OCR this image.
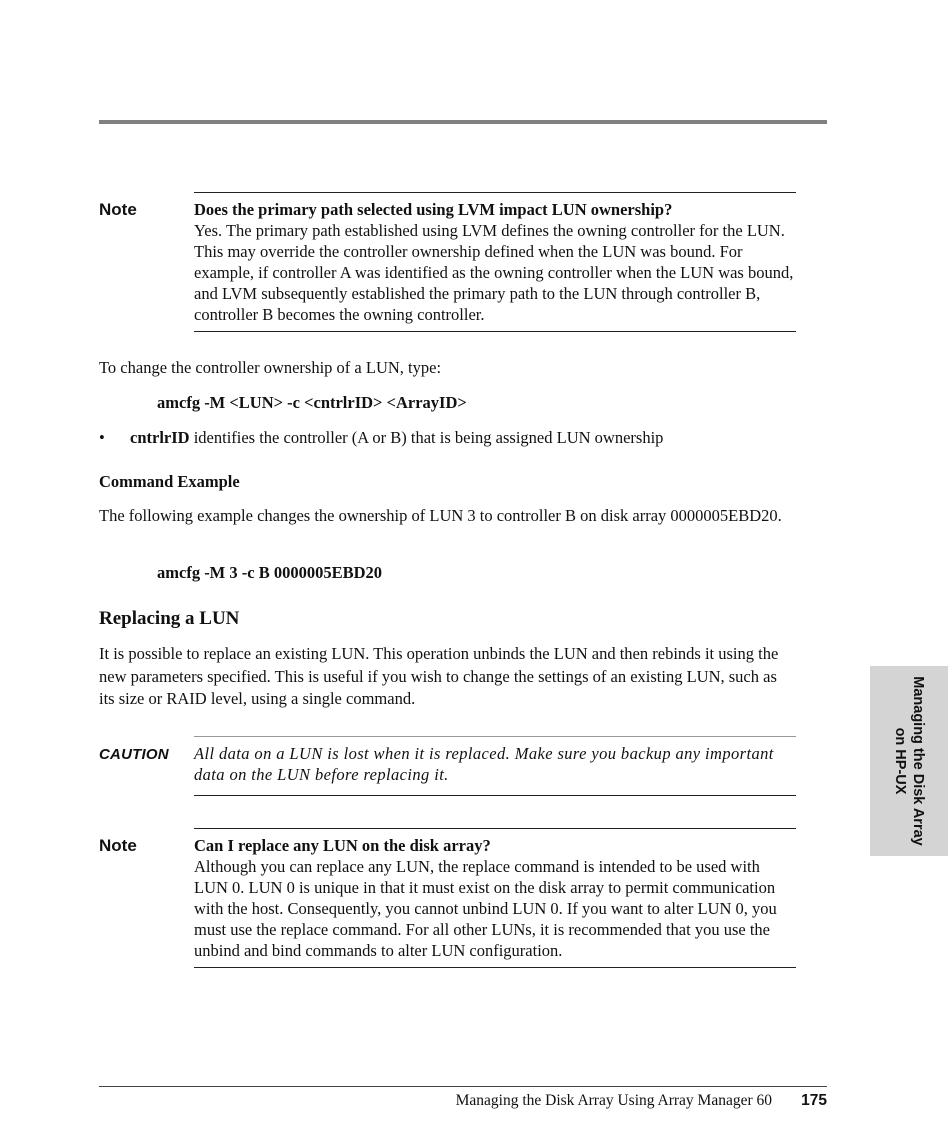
Note	Does the primary path selected using LVM impact LUN ownership?
Yes. The primary path established using LVM defines the owning controller for the LUN. This may override the controller ownership defined when the LUN was bound. For example, if controller A was identified as the owning controller when the LUN was bound, and LVM subsequently established the primary path to the LUN through controller B, controller B becomes the owning controller.
To change the controller ownership of a LUN, type:
amcfg -M <LUN> -c <cntrlrID> <ArrayID>
• cntrlrID identifies the controller (A or B) that is being assigned LUN ownership
Command Example
The following example changes the ownership of LUN 3 to controller B on disk array 0000005EBD20.
amcfg -M 3 -c B 0000005EBD20
Replacing a LUN
It is possible to replace an existing LUN. This operation unbinds the LUN and then rebinds it using the new parameters specified. This is useful if you wish to change the settings of an existing LUN, such as its size or RAID level, using a single command.
CAUTION All data on a LUN is lost when it is replaced. Make sure you backup any important data on the LUN before replacing it.
Note	Can I replace any LUN on the disk array?
Although you can replace any LUN, the replace command is intended to be used with LUN 0. LUN 0 is unique in that it must exist on the disk array to permit communication with the host. Consequently, you cannot unbind LUN 0. If you want to alter LUN 0, you must use the replace command. For all other LUNs, it is recommended that you use the unbind and bind commands to alter LUN configuration.
Managing the Disk Array
on HP-UX
Managing the Disk Array Using Array Manager 60 175
